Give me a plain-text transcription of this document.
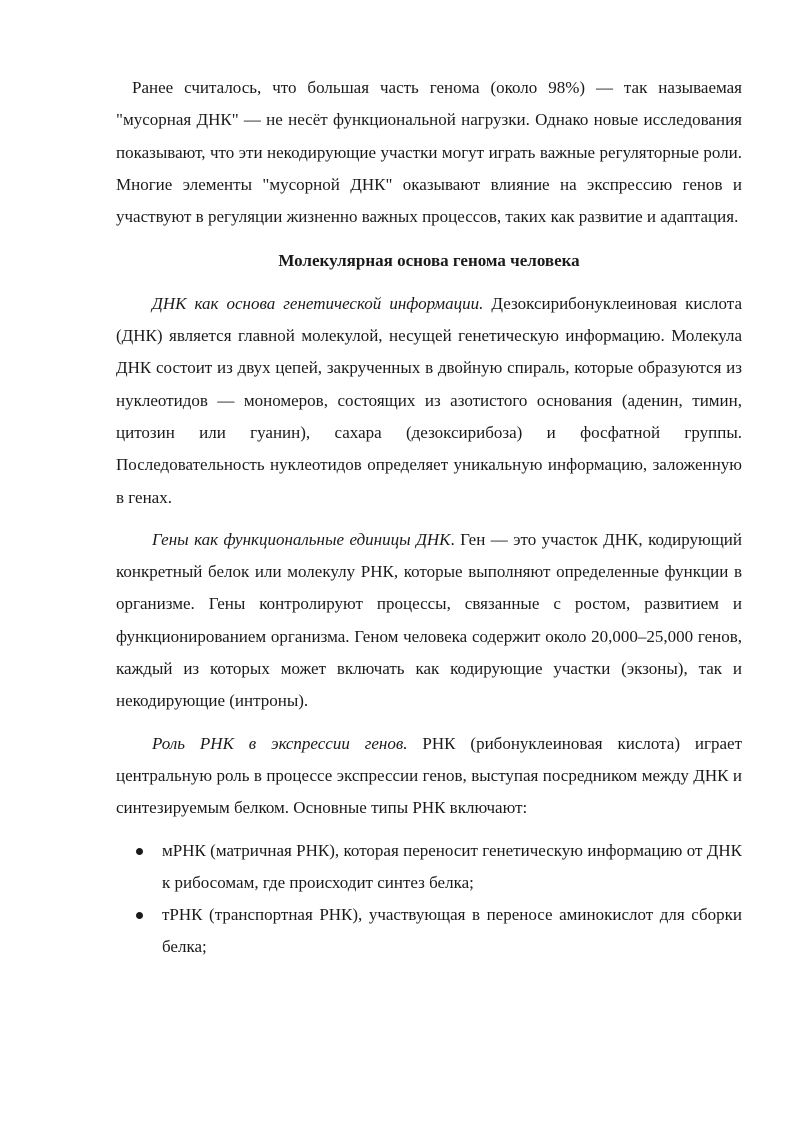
Ранее считалось, что большая часть генома (около 98%) — так называемая "мусорная ДНК" — не несёт функциональной нагрузки. Однако новые исследования показывают, что эти некодирующие участки могут играть важные регуляторные роли. Многие элементы "мусорной ДНК" оказывают влияние на экспрессию генов и участвуют в регуляции жизненно важных процессов, таких как развитие и адаптация.

Молекулярная основа генома человека

ДНК как основа генетической информации. Дезоксирибонуклеиновая кислота (ДНК) является главной молекулой, несущей генетическую информацию. Молекула ДНК состоит из двух цепей, закрученных в двойную спираль, которые образуются из нуклеотидов — мономеров, состоящих из азотистого основания (аденин, тимин, цитозин или гуанин), сахара (дезоксирибоза) и фосфатной группы. Последовательность нуклеотидов определяет уникальную информацию, заложенную в генах.

Гены как функциональные единицы ДНК. Ген — это участок ДНК, кодирующий конкретный белок или молекулу РНК, которые выполняют определенные функции в организме. Гены контролируют процессы, связанные с ростом, развитием и функционированием организма. Геном человека содержит около 20,000–25,000 генов, каждый из которых может включать как кодирующие участки (экзоны), так и некодирующие (интроны).

Роль РНК в экспрессии генов. РНК (рибонуклеиновая кислота) играет центральную роль в процессе экспрессии генов, выступая посредником между ДНК и синтезируемым белком. Основные типы РНК включают:

мРНК (матричная РНК), которая переносит генетическую информацию от ДНК к рибосомам, где происходит синтез белка;
тРНК (транспортная РНК), участвующая в переносе аминокислот для сборки белка;
